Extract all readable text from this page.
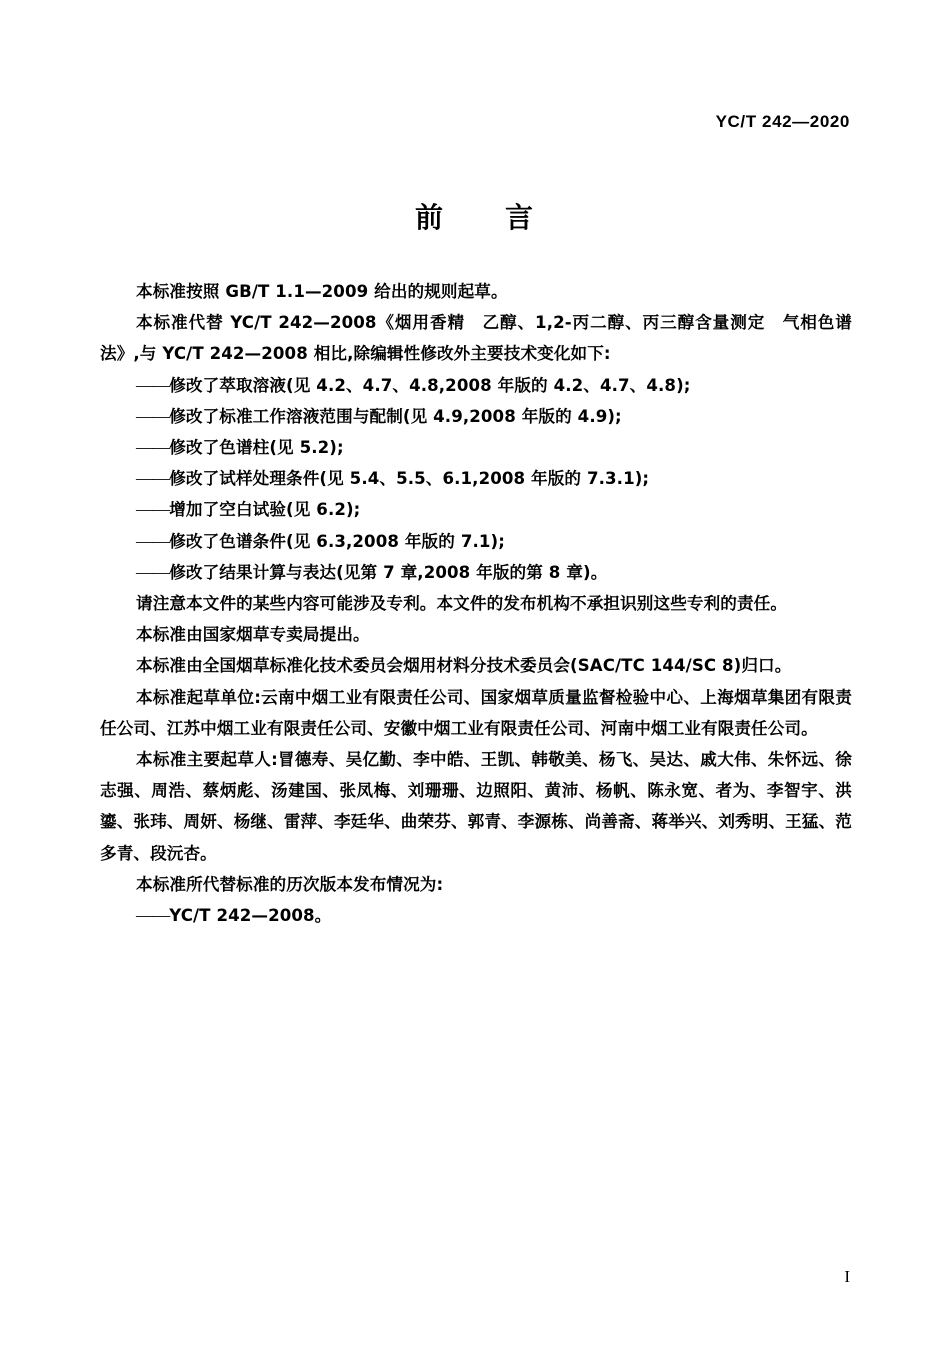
YC/T 242—2020
前　　言

本标准按照 GB/T 1.1—2009 给出的规则起草。

本标准代替 YC/T 242—2008《烟用香精　乙醇、1,2-丙二醇、丙三醇含量测定　气相色谱法》,与 YC/T 242—2008 相比,除编辑性修改外主要技术变化如下:

——修改了萃取溶液(见 4.2、4.7、4.8,2008 年版的 4.2、4.7、4.8);
——修改了标准工作溶液范围与配制(见 4.9,2008 年版的 4.9);
——修改了色谱柱(见 5.2);
——修改了试样处理条件(见 5.4、5.5、6.1,2008 年版的 7.3.1);
——增加了空白试验(见 6.2);
——修改了色谱条件(见 6.3,2008 年版的 7.1);
——修改了结果计算与表达(见第 7 章,2008 年版的第 8 章)。

请注意本文件的某些内容可能涉及专利。本文件的发布机构不承担识别这些专利的责任。

本标准由国家烟草专卖局提出。

本标准由全国烟草标准化技术委员会烟用材料分技术委员会(SAC/TC 144/SC 8)归口。

本标准起草单位:云南中烟工业有限责任公司、国家烟草质量监督检验中心、上海烟草集团有限责任公司、江苏中烟工业有限责任公司、安徽中烟工业有限责任公司、河南中烟工业有限责任公司。

本标准主要起草人:冒德寿、吴亿勤、李中皓、王凯、韩敬美、杨飞、吴达、戚大伟、朱怀远、徐志强、周浩、蔡炳彪、汤建国、张凤梅、刘珊珊、边照阳、黄沛、杨帆、陈永宽、者为、李智宇、洪鎏、张玮、周妍、杨继、雷萍、李廷华、曲荣芬、郭青、李源栋、尚善斋、蒋举兴、刘秀明、王猛、范多青、段沅杏。

本标准所代替标准的历次版本发布情况为:

——YC/T 242—2008。
I
